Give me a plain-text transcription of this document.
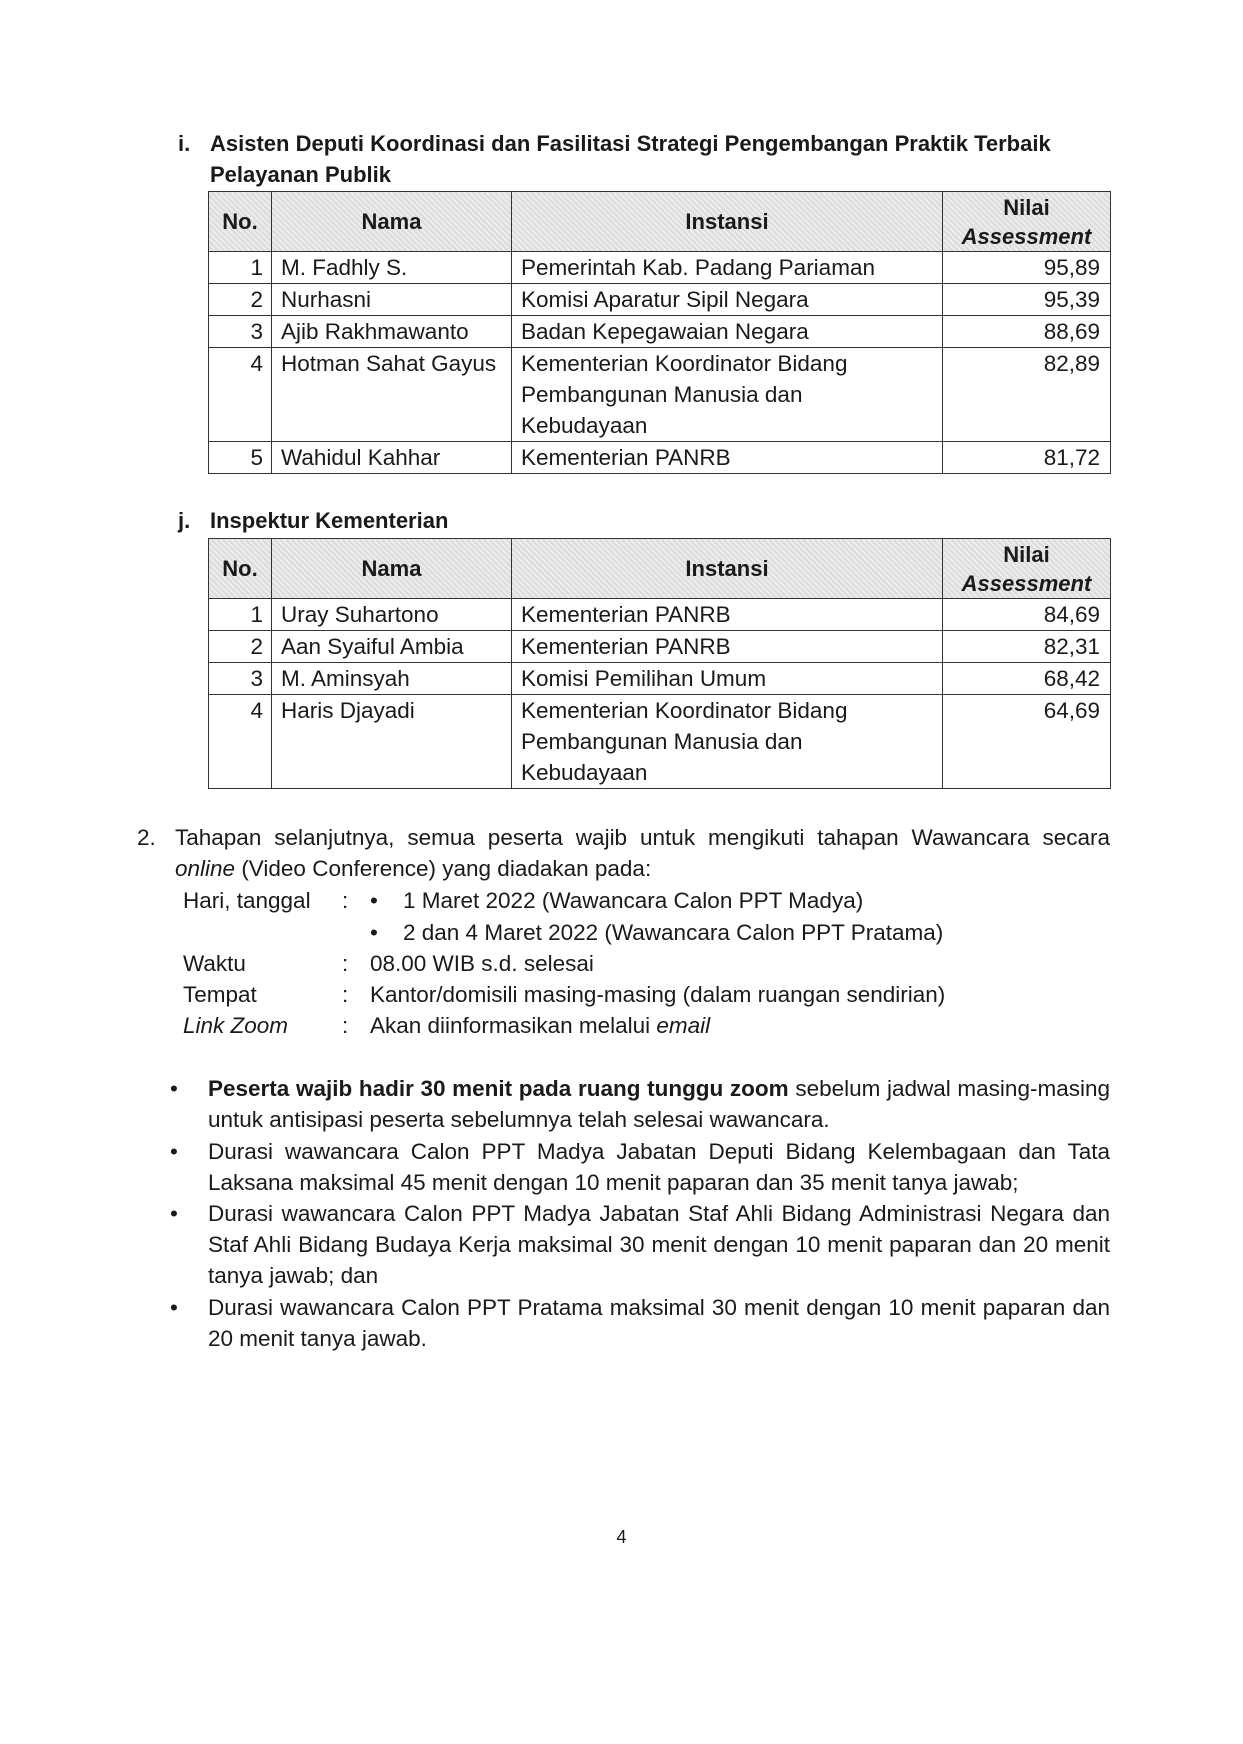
i. Asisten Deputi Koordinasi dan Fasilitasi Strategi Pengembangan Praktik Terbaik Pelayanan Publik
No.	Nama	Instansi	Nilai
Assessment

1	M. Fadhly S.	Pemerintah Kab. Padang Pariaman	95,89
2	Nurhasni	Komisi Aparatur Sipil Negara	95,39
3	Ajib Rakhmawanto	Badan Kepegawaian Negara	88,69
4	Hotman Sahat Gayus	Kementerian Koordinator Bidang Pembangunan Manusia dan Kebudayaan	82,89
5	Wahidul Kahhar	Kementerian PANRB	81,72
j. Inspektur Kementerian
No.	Nama	Instansi	Nilai
Assessment

1	Uray Suhartono	Kementerian PANRB	84,69
2	Aan Syaiful Ambia	Kementerian PANRB	82,31
3	M. Aminsyah	Komisi Pemilihan Umum	68,42
4	Haris Djayadi	Kementerian Koordinator Bidang Pembangunan Manusia dan Kebudayaan	64,69
2. Tahapan selanjutnya, semua peserta wajib untuk mengikuti tahapan Wawancara secara
online (Video Conference) yang diadakan pada:
Hari, tanggal : • 1 Maret 2022 (Wawancara Calon PPT Madya)
• 2 dan 4 Maret 2022 (Wawancara Calon PPT Pratama)
Waktu	: 08.00 WIB s.d. selesai
Tempat	: Kantor/domisili masing-masing (dalam ruangan sendirian)
Link Zoom : Akan diinformasikan melalui email
• Peserta wajib hadir 30 menit pada ruang tunggu zoom sebelum jadwal masing-masing untuk antisipasi peserta sebelumnya telah selesai wawancara.
• Durasi wawancara Calon PPT Madya Jabatan Deputi Bidang Kelembagaan dan Tata Laksana maksimal 45 menit dengan 10 menit paparan dan 35 menit tanya jawab;
• Durasi wawancara Calon PPT Madya Jabatan Staf Ahli Bidang Administrasi Negara dan Staf Ahli Bidang Budaya Kerja maksimal 30 menit dengan 10 menit paparan dan 20 menit tanya jawab; dan
• Durasi wawancara Calon PPT Pratama maksimal 30 menit dengan 10 menit paparan dan 20 menit tanya jawab.
4
